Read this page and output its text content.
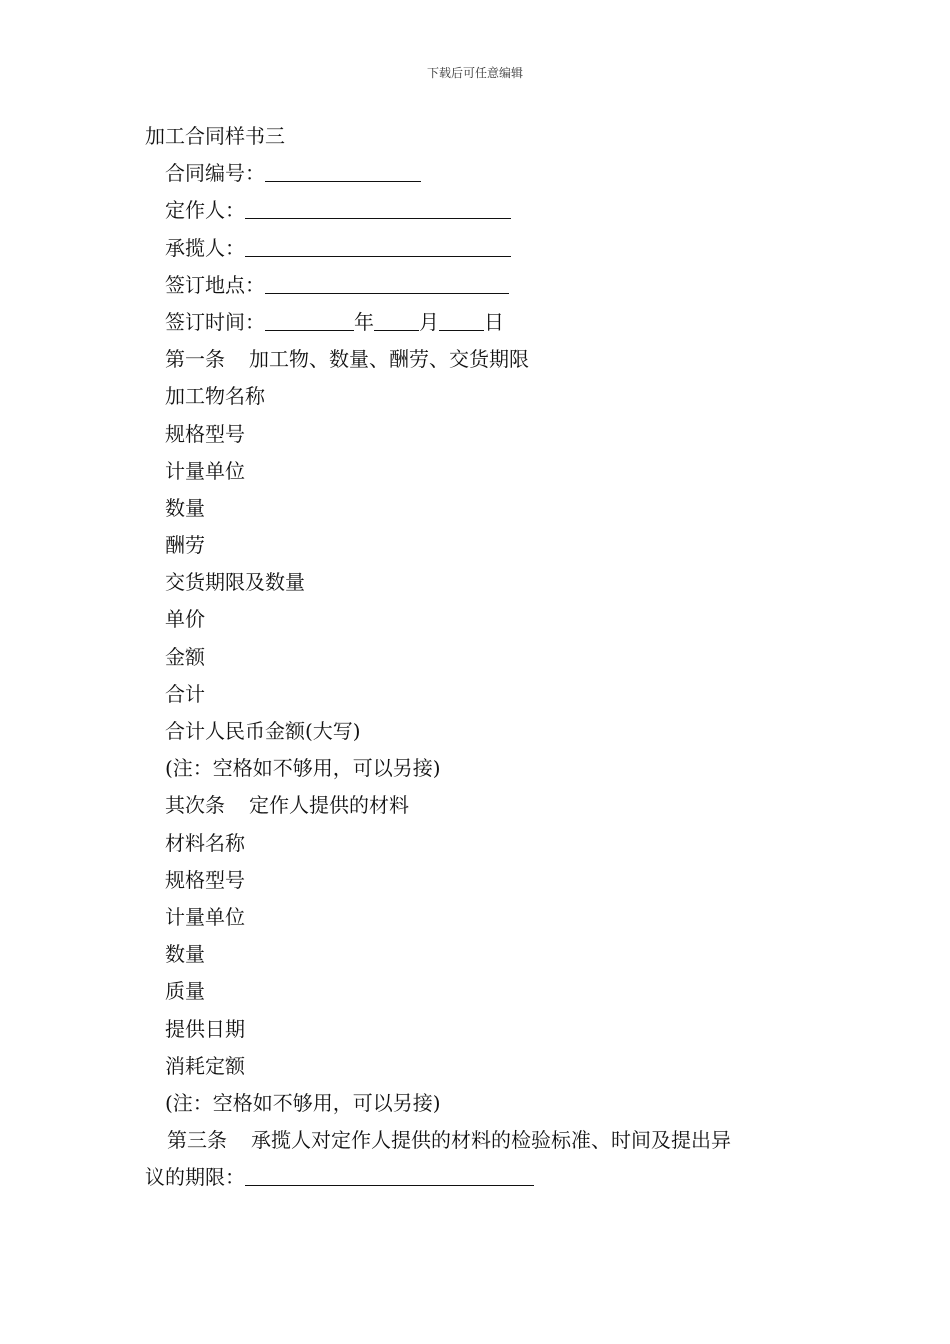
下载后可任意编辑
加工合同样书三
合同编号：
定作人：
承揽人：
签订地点：
签订时间：	年 月 日
第一条 加工物、数量、酬劳、交货期限
加工物名称
规格型号
计量单位
数量
酬劳
交货期限及数量
单价
金额
合计
合计人民币金额(大写)
(注：空格如不够用，可以另接)
其次条 定作人提供的材料
材料名称
规格型号
计量单位
数量
质量
提供日期
消耗定额
(注：空格如不够用，可以另接)
第三条 承揽人对定作人提供的材料的检验标准、时间及提出异
议的期限：
